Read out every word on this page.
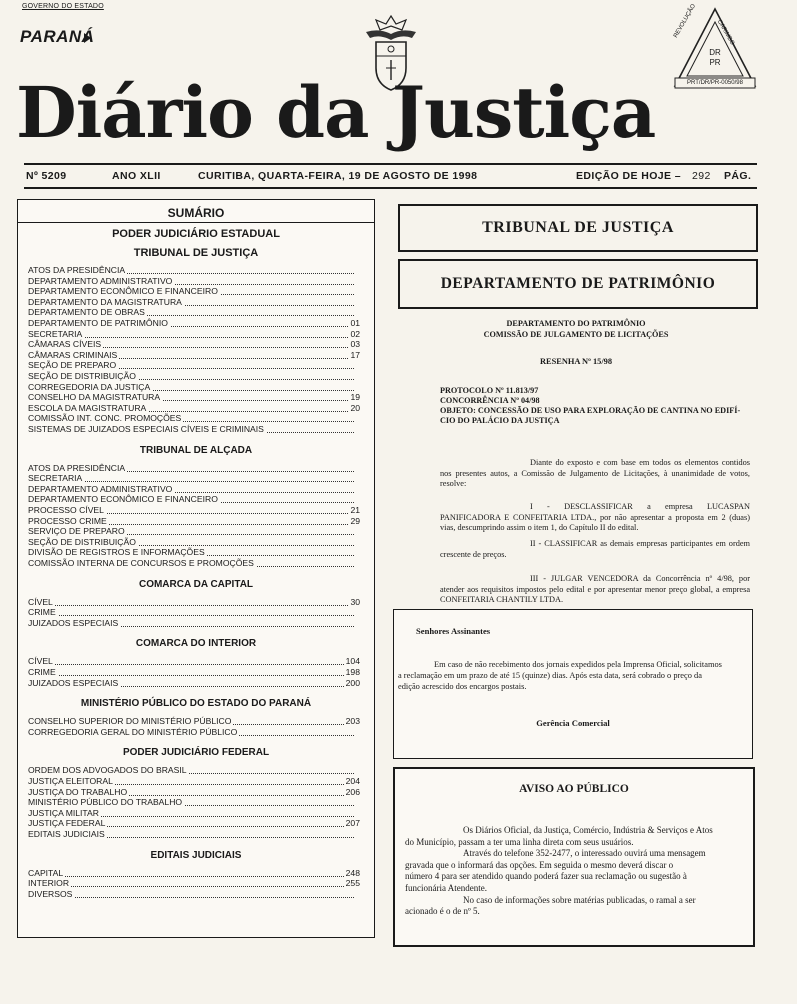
GOVERNO DO ESTADO
PARANÁ	REVOLUÇÃO	CARIMBO
DR
PR
PRT/DR/PR-0050/98
Diário da Justiça
Nº 5209	ANO XLII	CURITIBA, QUARTA-FEIRA, 19 DE AGOSTO DE 1998	EDIÇÃO DE HOJE – 292 PÁG.
SUMÁRIO
PODER JUDICIÁRIO ESTADUAL
TRIBUNAL DE JUSTIÇA
ATOS DA PRESIDÊNCIA
DEPARTAMENTO ADMINISTRATIVO
DEPARTAMENTO ECONÔMICO E FINANCEIRO
DEPARTAMENTO DA MAGISTRATURA
DEPARTAMENTO DE OBRAS
DEPARTAMENTO DE PATRIMÔNIO	01
SECRETARIA	02
CÂMARAS CÍVEIS	03
CÂMARAS CRIMINAIS	17
SEÇÃO DE PREPARO
SEÇÃO DE DISTRIBUIÇÃO
CORREGEDORIA DA JUSTIÇA
CONSELHO DA MAGISTRATURA	19
ESCOLA DA MAGISTRATURA	20
COMISSÃO INT. CONC. PROMOÇÕES
SISTEMAS DE JUIZADOS ESPECIAIS CÍVEIS E CRIMINAIS
TRIBUNAL DE ALÇADA
ATOS DA PRESIDÊNCIA
SECRETARIA
DEPARTAMENTO ADMINISTRATIVO
DEPARTAMENTO ECONÔMICO E FINANCEIRO
PROCESSO CÍVEL	21
PROCESSO CRIME	29
SERVIÇO DE PREPARO
SEÇÃO DE DISTRIBUIÇÃO
DIVISÃO DE REGISTROS E INFORMAÇÕES
COMISSÃO INTERNA DE CONCURSOS E PROMOÇÕES
COMARCA DA CAPITAL
CÍVEL	30
CRIME
JUIZADOS ESPECIAIS
COMARCA DO INTERIOR
CÍVEL	104
CRIME	198
JUIZADOS ESPECIAIS	200
MINISTÉRIO PÚBLICO DO ESTADO DO PARANÁ
CONSELHO SUPERIOR DO MINISTÉRIO PÚBLICO	203
CORREGEDORIA GERAL DO MINISTÉRIO PÚBLICO
PODER JUDICIÁRIO FEDERAL
ORDEM DOS ADVOGADOS DO BRASIL
JUSTIÇA ELEITORAL	204
JUSTIÇA DO TRABALHO	206
MINISTÉRIO PÚBLICO DO TRABALHO
JUSTIÇA MILITAR
JUSTIÇA FEDERAL	207
EDITAIS JUDICIAIS
EDITAIS JUDICIAIS
CAPITAL	248
INTERIOR	255
DIVERSOS
TRIBUNAL DE JUSTIÇA
DEPARTAMENTO DE PATRIMÔNIO
DEPARTAMENTO DO PATRIMÔNIO
COMISSÃO DE JULGAMENTO DE LICITAÇÕES
RESENHA Nº 15/98
PROTOCOLO Nº 11.813/97
CONCORRÊNCIA Nº 04/98
OBJETO: CONCESSÃO DE USO PARA EXPLORAÇÃO DE CANTINA NO EDIFÍ-
CIO DO PALÁCIO DA JUSTIÇA
Diante do exposto e com base em todos os elementos contidos nos presentes autos, a Comissão de Julgamento de Licitações, à unanimidade de votos, resolve:
I - DESCLASSIFICAR a empresa LUCASPAN PANIFICADORA E CONFEITARIA LTDA., por não apresentar a proposta em 2 (duas) vias, descumprindo assim o item 1, do Capítulo II do edital.
II - CLASSIFICAR as demais empresas participantes em ordem crescente de preços.
III - JULGAR VENCEDORA da Concorrência nº 4/98, por atender aos requisitos impostos pelo edital e por apresentar menor preço global, a empresa CONFEITARIA CHANTILY LTDA.
Senhores Assinantes
Em caso de não recebimento dos jornais expedidos pela Imprensa Oficial, solicitamos
a reclamação em um prazo de até 15 (quinze) dias. Após esta data, será cobrado o preço da
edição acrescido dos encargos postais.
Gerência Comercial
AVISO AO PÚBLICO
Os Diários Oficial, da Justiça, Comércio, Indústria & Serviços e Atos
do Município, passam a ter uma linha direta com seus usuários.
Através do telefone 352-2477, o interessado ouvirá uma mensagem
gravada que o informará das opções. Em seguida o mesmo deverá discar o
número 4 para ser atendido quando poderá fazer sua reclamação ou sugestão à
funcionária Atendente.
No caso de informações sobre matérias publicadas, o ramal a ser
acionado é o de nº 5.
